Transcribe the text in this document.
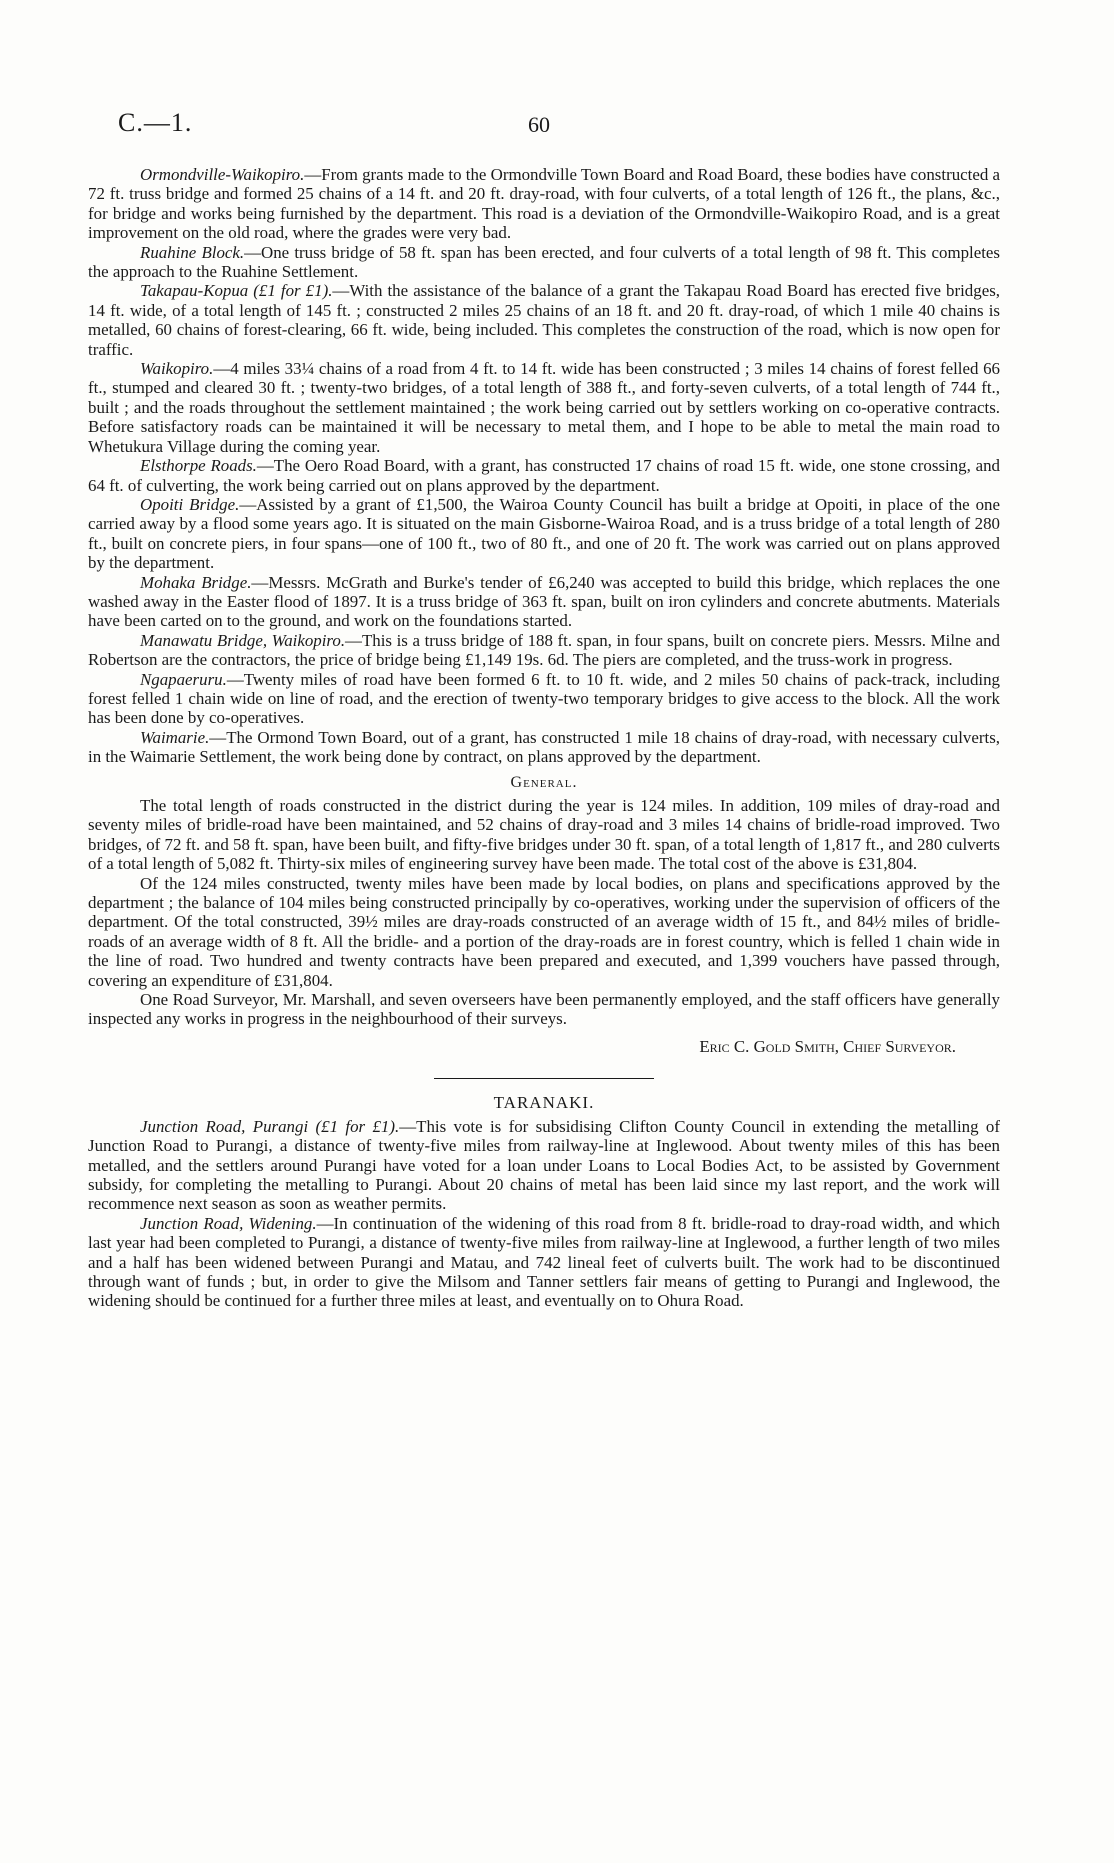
C.—1.	60

Ormondville-Waikopiro.—From grants made to the Ormondville Town Board and Road Board, these bodies have constructed a 72 ft. truss bridge and formed 25 chains of a 14 ft. and 20 ft. dray-road, with four culverts, of a total length of 126 ft., the plans, &c., for bridge and works being furnished by the department. This road is a deviation of the Ormondville-Waikopiro Road, and is a great improvement on the old road, where the grades were very bad.

Ruahine Block.—One truss bridge of 58 ft. span has been erected, and four culverts of a total length of 98 ft. This completes the approach to the Ruahine Settlement.

Takapau-Kopua (£1 for £1).—With the assistance of the balance of a grant the Takapau Road Board has erected five bridges, 14 ft. wide, of a total length of 145 ft. ; constructed 2 miles 25 chains of an 18 ft. and 20 ft. dray-road, of which 1 mile 40 chains is metalled, 60 chains of forest-clearing, 66 ft. wide, being included. This completes the construction of the road, which is now open for traffic.

Waikopiro.—4 miles 33¼ chains of a road from 4 ft. to 14 ft. wide has been constructed ; 3 miles 14 chains of forest felled 66 ft., stumped and cleared 30 ft. ; twenty-two bridges, of a total length of 388 ft., and forty-seven culverts, of a total length of 744 ft., built ; and the roads throughout the settlement maintained ; the work being carried out by settlers working on co-operative contracts. Before satisfactory roads can be maintained it will be necessary to metal them, and I hope to be able to metal the main road to Whetukura Village during the coming year.

Elsthorpe Roads.—The Oero Road Board, with a grant, has constructed 17 chains of road 15 ft. wide, one stone crossing, and 64 ft. of culverting, the work being carried out on plans approved by the department.

Opoiti Bridge.—Assisted by a grant of £1,500, the Wairoa County Council has built a bridge at Opoiti, in place of the one carried away by a flood some years ago. It is situated on the main Gisborne-Wairoa Road, and is a truss bridge of a total length of 280 ft., built on concrete piers, in four spans—one of 100 ft., two of 80 ft., and one of 20 ft. The work was carried out on plans approved by the department.

Mohaka Bridge.—Messrs. McGrath and Burke's tender of £6,240 was accepted to build this bridge, which replaces the one washed away in the Easter flood of 1897. It is a truss bridge of 363 ft. span, built on iron cylinders and concrete abutments. Materials have been carted on to the ground, and work on the foundations started.

Manawatu Bridge, Waikopiro.—This is a truss bridge of 188 ft. span, in four spans, built on concrete piers. Messrs. Milne and Robertson are the contractors, the price of bridge being £1,149 19s. 6d. The piers are completed, and the truss-work in progress.

Ngapaeruru.—Twenty miles of road have been formed 6 ft. to 10 ft. wide, and 2 miles 50 chains of pack-track, including forest felled 1 chain wide on line of road, and the erection of twenty-two temporary bridges to give access to the block. All the work has been done by co-operatives.

Waimarie.—The Ormond Town Board, out of a grant, has constructed 1 mile 18 chains of dray-road, with necessary culverts, in the Waimarie Settlement, the work being done by contract, on plans approved by the department.

General.

The total length of roads constructed in the district during the year is 124 miles. In addition, 109 miles of dray-road and seventy miles of bridle-road have been maintained, and 52 chains of dray-road and 3 miles 14 chains of bridle-road improved. Two bridges, of 72 ft. and 58 ft. span, have been built, and fifty-five bridges under 30 ft. span, of a total length of 1,817 ft., and 280 culverts of a total length of 5,082 ft. Thirty-six miles of engineering survey have been made. The total cost of the above is £31,804.

Of the 124 miles constructed, twenty miles have been made by local bodies, on plans and specifications approved by the department ; the balance of 104 miles being constructed principally by co-operatives, working under the supervision of officers of the department. Of the total constructed, 39½ miles are dray-roads constructed of an average width of 15 ft., and 84½ miles of bridle-roads of an average width of 8 ft. All the bridle- and a portion of the dray-roads are in forest country, which is felled 1 chain wide in the line of road. Two hundred and twenty contracts have been prepared and executed, and 1,399 vouchers have passed through, covering an expenditure of £31,804.

One Road Surveyor, Mr. Marshall, and seven overseers have been permanently employed, and the staff officers have generally inspected any works in progress in the neighbourhood of their surveys.

Eric C. Gold Smith, Chief Surveyor.
TARANAKI.

Junction Road, Purangi (£1 for £1).—This vote is for subsidising Clifton County Council in extending the metalling of Junction Road to Purangi, a distance of twenty-five miles from railway-line at Inglewood. About twenty miles of this has been metalled, and the settlers around Purangi have voted for a loan under Loans to Local Bodies Act, to be assisted by Government subsidy, for completing the metalling to Purangi. About 20 chains of metal has been laid since my last report, and the work will recommence next season as soon as weather permits.

Junction Road, Widening.—In continuation of the widening of this road from 8 ft. bridle-road to dray-road width, and which last year had been completed to Purangi, a distance of twenty-five miles from railway-line at Inglewood, a further length of two miles and a half has been widened between Purangi and Matau, and 742 lineal feet of culverts built. The work had to be discontinued through want of funds ; but, in order to give the Milsom and Tanner settlers fair means of getting to Purangi and Inglewood, the widening should be continued for a further three miles at least, and eventually on to Ohura Road.
